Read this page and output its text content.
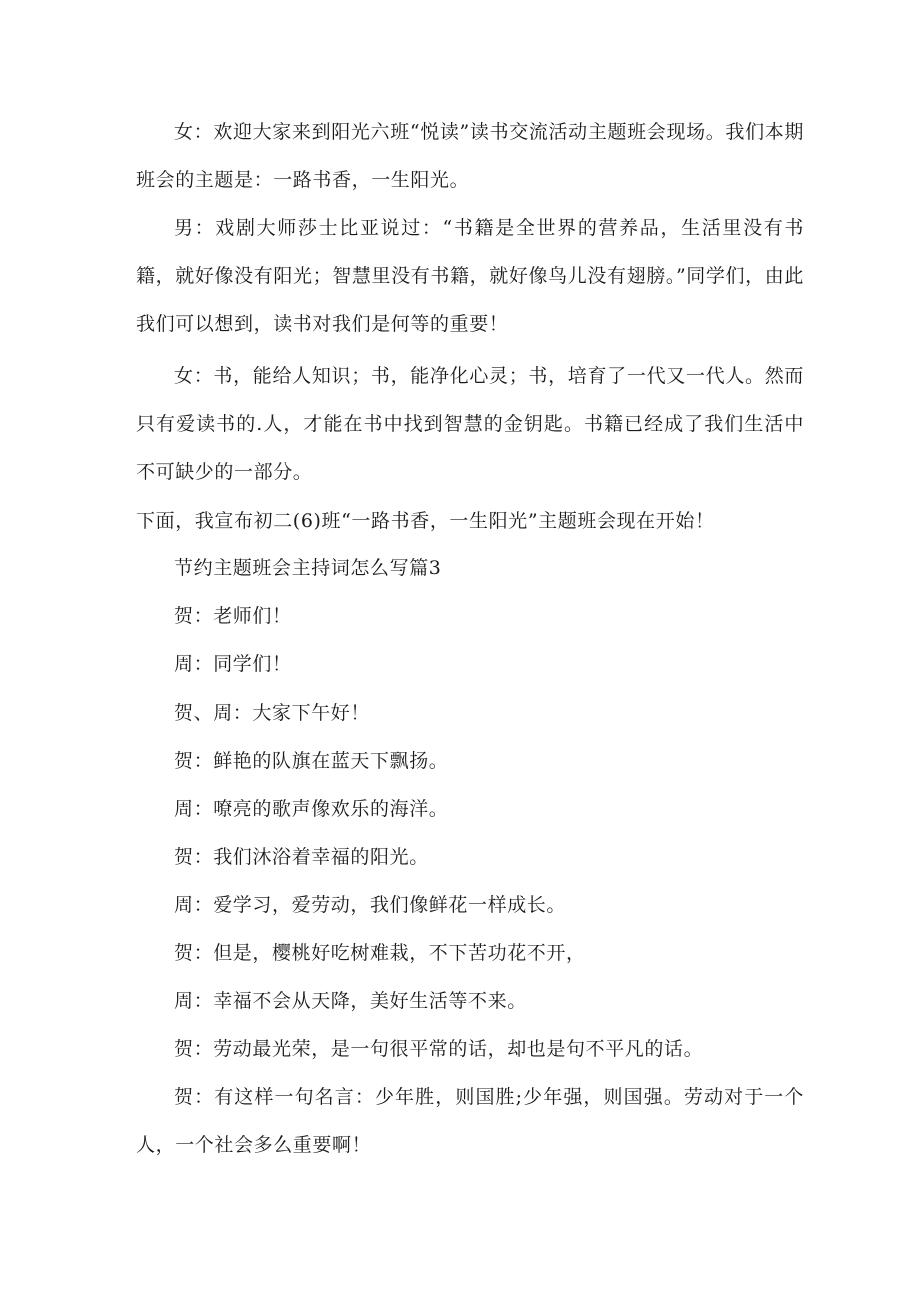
女：欢迎大家来到阳光六班“悦读”读书交流活动主题班会现场。我们本期班会的主题是：一路书香，一生阳光。

男：戏剧大师莎士比亚说过：“书籍是全世界的营养品，生活里没有书籍，就好像没有阳光；智慧里没有书籍，就好像鸟儿没有翅膀。”同学们，由此我们可以想到，读书对我们是何等的重要！

女：书，能给人知识；书，能净化心灵；书，培育了一代又一代人。然而只有爱读书的.人，才能在书中找到智慧的金钥匙。书籍已经成了我们生活中不可缺少的一部分。

下面，我宣布初二(6)班“一路书香，一生阳光”主题班会现在开始！

节约主题班会主持词怎么写篇3

贺：老师们！

周：同学们！

贺、周：大家下午好！

贺：鲜艳的队旗在蓝天下飘扬。

周：嘹亮的歌声像欢乐的海洋。

贺：我们沐浴着幸福的阳光。

周：爱学习，爱劳动，我们像鲜花一样成长。

贺：但是，樱桃好吃树难栽，不下苦功花不开，

周：幸福不会从天降，美好生活等不来。

贺：劳动最光荣，是一句很平常的话，却也是句不平凡的话。

贺：有这样一句名言：少年胜，则国胜;少年强，则国强。劳动对于一个人，一个社会多么重要啊！
